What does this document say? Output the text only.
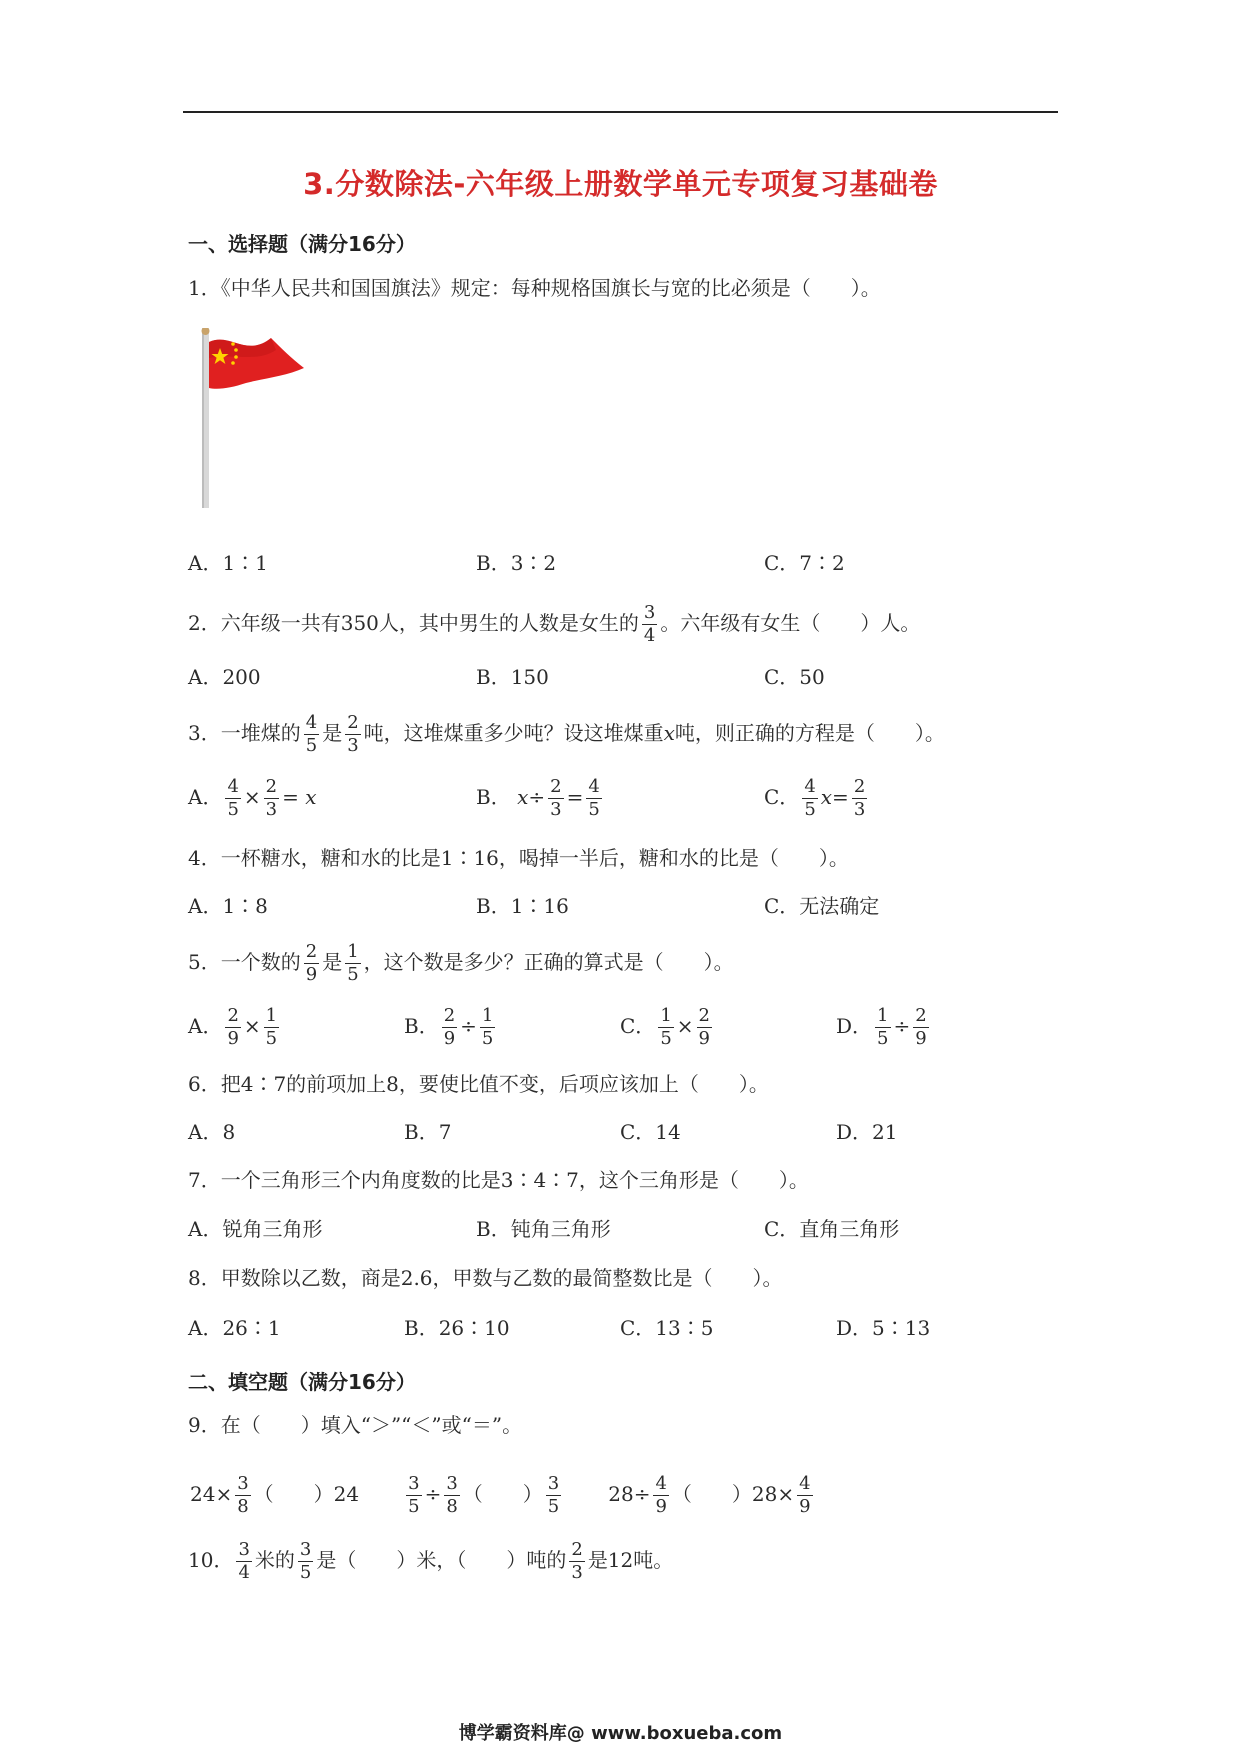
3.分数除法-六年级上册数学单元专项复习基础卷
一、选择题（满分16分）
1．《中华人民共和国国旗法》规定：每种规格国旗长与宽的比必须是（　　）。
A．1∶1	B．3∶2	C．7∶2
2．六年级一共有350人，其中男生的人数是女生的 $\frac{3}{4}$ 。六年级有女生（　　）人。
A．200	B．150	C．50
3．一堆煤的 $\frac{4}{5}$ 是 $\frac{2}{3}$ 吨，这堆煤重多少吨？设这堆煤重x吨，则正确的方程是（　　）。
A． $\frac{4}{5} \times \frac{2}{3} = x$	B． $x\div \frac{2}{3} = \frac{4}{5}$	C． $\frac{4}{5} x= \frac{2}{3}$
4．一杯糖水，糖和水的比是1∶16，喝掉一半后，糖和水的比是（　　）。
A．1∶8	B．1∶16	C．无法确定
5．一个数的 $\frac{2}{9}$ 是 $\frac{1}{5}$ ，这个数是多少？正确的算式是（　　）。
A． $\frac{2}{9} \times \frac{1}{5}$	B． $\frac{2}{9} \div \frac{1}{5}$	C． $\frac{1}{5} \times \frac{2}{9}$	D． $\frac{1}{5} \div \frac{2}{9}$
6．把4∶7的前项加上8，要使比值不变，后项应该加上（　　）。
A．8	B．7	C．14	D．21
7．一个三角形三个内角度数的比是3∶4∶7，这个三角形是（　　）。
A．锐角三角形	B．钝角三角形	C．直角三角形
8．甲数除以乙数，商是2.6，甲数与乙数的最简整数比是（　　）。
A．26∶1	B．26∶10	C．13∶5	D．5∶13
二、填空题（满分16分）
9．在（　　）填入“＞”“＜”或“＝”。
$24\times \frac{3}{8}$ （　　）24	$\frac{3}{5} \div \frac{3}{8}$ （　　） $\frac{3}{5} 28\div \frac{4}{9}$ （　　）$28\times \frac{4}{9}$
10． $\frac{3}{4}$ 米的 $\frac{3}{5}$ 是（　　）米，（　　）吨的 $\frac{2}{3}$ 是12吨。
博学霸资料库@ www.boxueba.com
